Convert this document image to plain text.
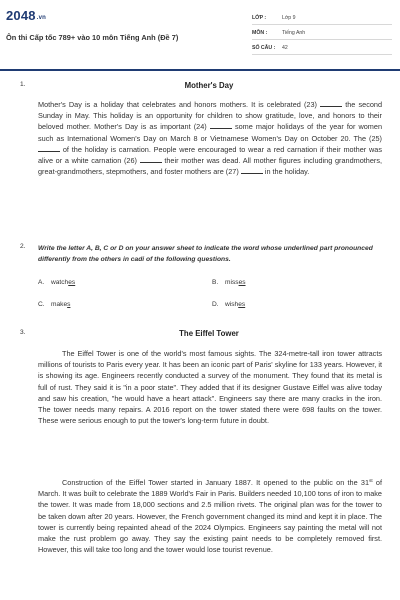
2048.vn
Ôn thi Cấp tốc 789+ vào 10 môn Tiếng Anh (Đề 7)
LỚP :	Lớp 9
MÔN :	Tiếng Anh
SỐ CÂU :	42
1.	Mother's Day
Mother's Day is a holiday that celebrates and honors mothers. It is celebrated (23)	the second Sunday in May. This holiday is an opportunity for children to show gratitude, love, and honors to their beloved mother. Mother's Day is as important (24)	some major holidays of the year for women such as International Women's Day on March 8 or Vietnamese Women's Day on October 20. The (25)  of the holiday is carnation. People were encouraged to wear a red carnation if their mother was alive or a white carnation (26)	their mother was dead. All mother figures including grandmothers, great-grandmothers, stepmothers, and foster mothers are (27)	in the holiday.
2. Write the letter A, B, C or D on your answer sheet to indicate the word whose underlined part pronounced differently from the others in cadi of the following questions.
A. watches	B. misses
C. makes	D. wishes
3.	The Eiffel Tower
The Eiffel Tower is one of the world's most famous sights. The 324-metre-tall iron tower attracts millions of tourists to Paris every year. It has been an iconic part of Paris' skyline for 133 years. However, it is showing its age. Engineers recently conducted a survey of the monument. They found that its metal is full of rust. They said it is "in a poor state". They added that if its designer Gustave Eiffel was alive today and saw his creation, "he would have a heart attack". Engineers say there are many cracks in the iron. The tower needs many repairs. A 2016 report on the tower stated there were 698 faults on the tower. These were serious enough to put the tower's long-term future in doubt.
Construction of the Eiffel Tower started in January 1887. It opened to the public on the 31st of March. It was built to celebrate the 1889 World's Fair in Paris. Builders needed 10,100 tons of iron to make the tower. It was made from 18,000 sections and 2.5 million rivets. The original plan was for the tower to be taken down after 20 years. However, the French government changed its mind and kept it in place. The tower is currently being repainted ahead of the 2024 Olympics. Engineers say painting the metal will not make the rust problem go away. They say the existing paint needs to be completely removed first. However, this will take too long and the tower would lose tourist revenue.
